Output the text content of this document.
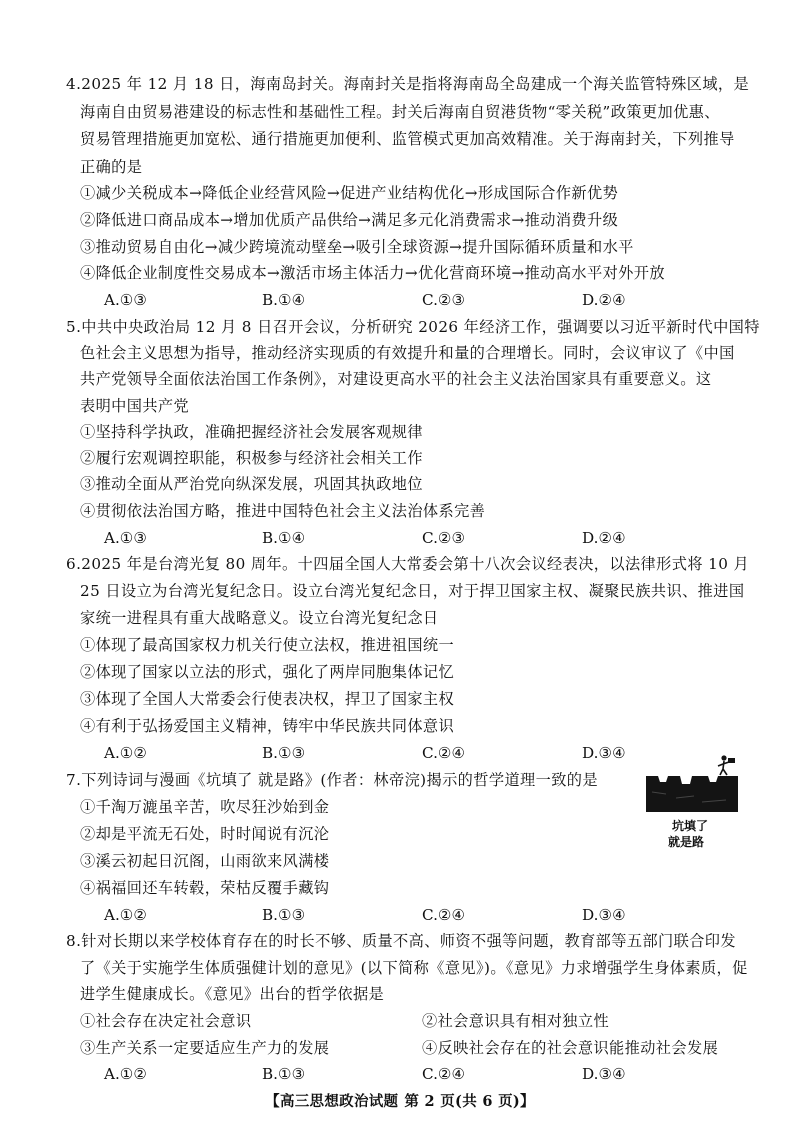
4.2025 年 12 月 18 日，海南岛封关。海南封关是指将海南岛全岛建成一个海关监管特殊区域，是
海南自由贸易港建设的标志性和基础性工程。封关后海南自贸港货物“零关税”政策更加优惠、
贸易管理措施更加宽松、通行措施更加便利、监管模式更加高效精准。关于海南封关，下列推导
正确的是
①减少关税成本→降低企业经营风险→促进产业结构优化→形成国际合作新优势
②降低进口商品成本→增加优质产品供给→满足多元化消费需求→推动消费升级
③推动贸易自由化→减少跨境流动壁垒→吸引全球资源→提升国际循环质量和水平
④降低企业制度性交易成本→激活市场主体活力→优化营商环境→推动高水平对外开放
A.①③	B.①④	C.②③	D.②④
5.中共中央政治局 12 月 8 日召开会议，分析研究 2026 年经济工作，强调要以习近平新时代中国特
色社会主义思想为指导，推动经济实现质的有效提升和量的合理增长。同时，会议审议了《中国
共产党领导全面依法治国工作条例》，对建设更高水平的社会主义法治国家具有重要意义。这
表明中国共产党
①坚持科学执政，准确把握经济社会发展客观规律
②履行宏观调控职能，积极参与经济社会相关工作
③推动全面从严治党向纵深发展，巩固其执政地位
④贯彻依法治国方略，推进中国特色社会主义法治体系完善
A.①③	B.①④	C.②③	D.②④
6.2025 年是台湾光复 80 周年。十四届全国人大常委会第十八次会议经表决，以法律形式将 10 月
25 日设立为台湾光复纪念日。设立台湾光复纪念日，对于捍卫国家主权、凝聚民族共识、推进国
家统一进程具有重大战略意义。设立台湾光复纪念日
①体现了最高国家权力机关行使立法权，推进祖国统一
②体现了国家以立法的形式，强化了两岸同胞集体记忆
③体现了全国人大常委会行使表决权，捍卫了国家主权
④有利于弘扬爱国主义精神，铸牢中华民族共同体意识
A.①②	B.①③	C.②④	D.③④
7.下列诗词与漫画《坑填了 就是路》(作者：林帝浣)揭示的哲学道理一致的是
①千淘万漉虽辛苦，吹尽狂沙始到金
②却是平流无石处，时时闻说有沉沦
③溪云初起日沉阁，山雨欲来风满楼
④祸福回还车转毂，荣枯反覆手藏钩
A.①②	B.①③	C.②④	D.③④
坑填了
就是路
8.针对长期以来学校体育存在的时长不够、质量不高、师资不强等问题，教育部等五部门联合印发
了《关于实施学生体质强健计划的意见》(以下简称《意见》)。《意见》力求增强学生身体素质，促
进学生健康成长。《意见》出台的哲学依据是
①社会存在决定社会意识	②社会意识具有相对独立性
③生产关系一定要适应生产力的发展	④反映社会存在的社会意识能推动社会发展
A.①②	B.①③	C.②④	D.③④
【高三思想政治试题 第 2 页(共 6 页)】
